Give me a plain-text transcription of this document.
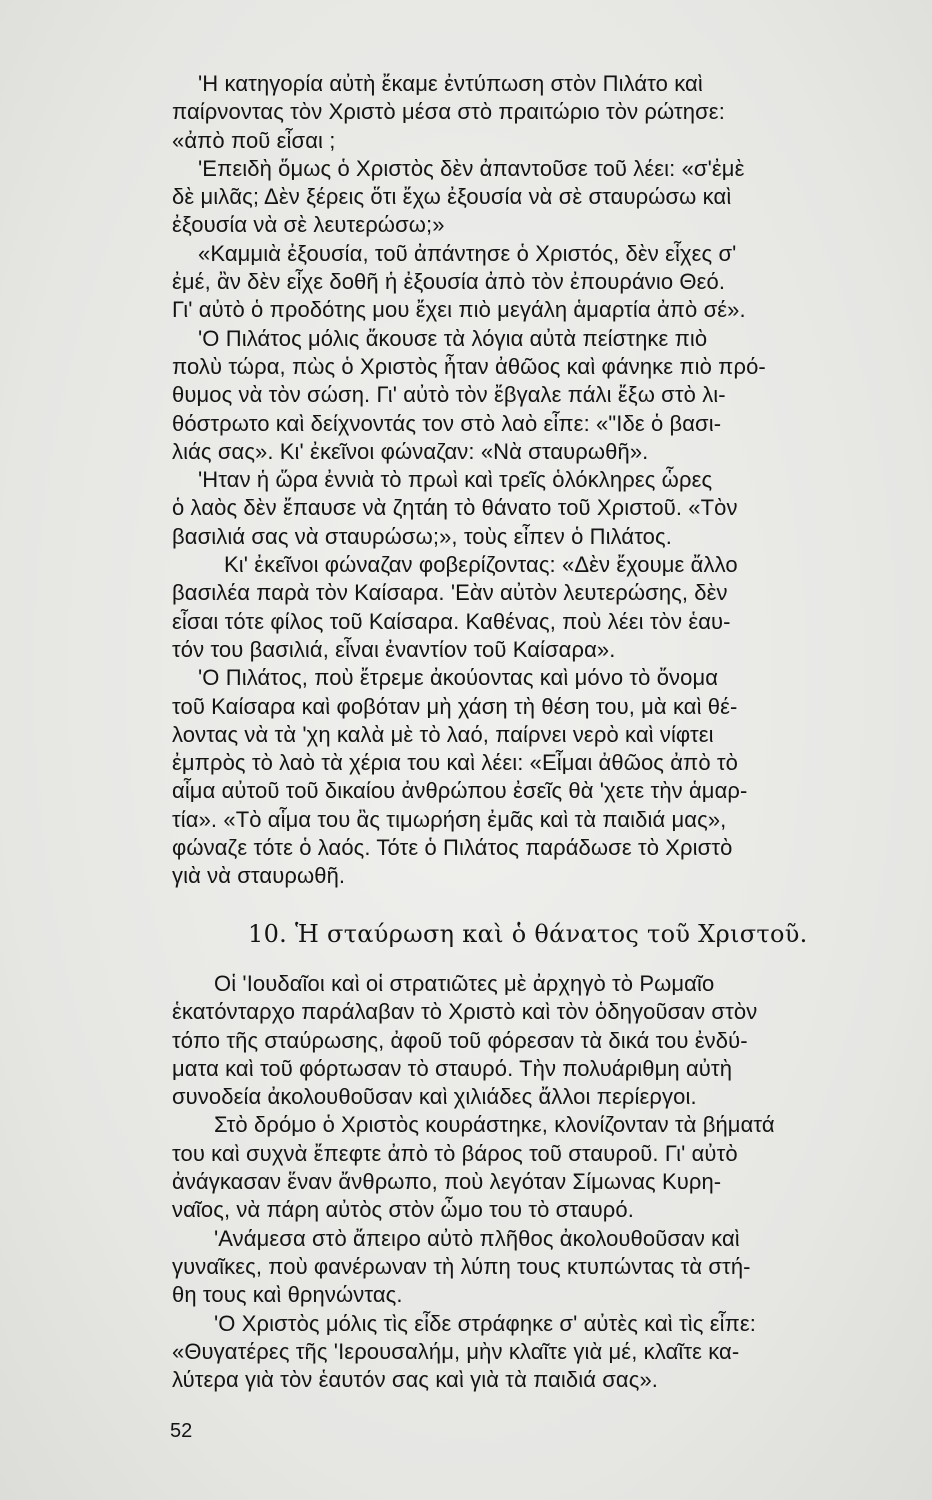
'Η κατηγορία αὐτὴ ἔκαμε ἐντύπωση στὸν Πιλάτο καὶ
παίρνοντας τὸν Χριστὸ μέσα στὸ πραιτώριο τὸν ρώτησε:
«ἀπὸ ποῦ εἶσαι ;
'Επειδὴ ὅμως ὁ Χριστὸς δὲν ἀπαντοῦσε τοῦ λέει: «σ'ἐμὲ
δὲ μιλᾶς; Δὲν ξέρεις ὅτι ἔχω ἐξουσία νὰ σὲ σταυρώσω καὶ
ἐξουσία νὰ σὲ λευτερώσω;»
«Καμμιὰ ἐξουσία, τοῦ ἀπάντησε ὁ Χριστός, δὲν εἶχες σ'
ἐμέ, ἂν δὲν εἶχε δοθῆ ἡ ἐξουσία ἀπὸ τὸν ἐπουράνιο Θεό.
Γι' αὐτὸ ὁ προδότης μου ἔχει πιὸ μεγάλη ἁμαρτία ἀπὸ σέ».
'Ο Πιλάτος μόλις ἄκουσε τὰ λόγια αὐτὰ πείστηκε πιὸ
πολὺ τώρα, πὼς ὁ Χριστὸς ἦταν ἀθῶος καὶ φάνηκε πιὸ πρό-
θυμος νὰ τὸν σώση. Γι' αὐτὸ τὸν ἔβγαλε πάλι ἔξω στὸ λι-
θόστρωτο καὶ δείχνοντάς τον στὸ λαὸ εἶπε: «"Ιδε ὁ βασι-
λιάς σας». Κι' ἐκεῖνοι φώναζαν: «Νὰ σταυρωθῆ».
'Ηταν ἡ ὥρα ἐννιὰ τὸ πρωὶ καὶ τρεῖς ὁλόκληρες ὧρες
ὁ λαὸς δὲν ἔπαυσε νὰ ζητάη τὸ θάνατο τοῦ Χριστοῦ. «Τὸν
βασιλιά σας νὰ σταυρώσω;», τοὺς εἶπεν ὁ Πιλάτος.
Κι' ἐκεῖνοι φώναζαν φοβερίζοντας: «Δὲν ἔχουμε ἄλλο
βασιλέα παρὰ τὸν Καίσαρα. 'Εὰν αὐτὸν λευτερώσης, δὲν
εἶσαι τότε φίλος τοῦ Καίσαρα. Καθένας, ποὺ λέει τὸν ἑαυ-
τόν του βασιλιά, εἶναι ἐναντίον τοῦ Καίσαρα».
'Ο Πιλάτος, ποὺ ἔτρεμε ἀκούοντας καὶ μόνο τὸ ὄνομα
τοῦ Καίσαρα καὶ φοβόταν μὴ χάση τὴ θέση του, μὰ καὶ θέ-
λοντας νὰ τὰ 'χη καλὰ μὲ τὸ λαό, παίρνει νερὸ καὶ νίφτει
ἐμπρὸς τὸ λαὸ τὰ χέρια του καὶ λέει: «Εἶμαι ἀθῶος ἀπὸ τὸ
αἷμα αὐτοῦ τοῦ δικαίου ἀνθρώπου ἐσεῖς θὰ 'χετε τὴν ἁμαρ-
τία». «Τὸ αἷμα του ἂς τιμωρήση ἐμᾶς καὶ τὰ παιδιά μας»,
φώναζε τότε ὁ λαός. Τότε ὁ Πιλάτος παράδωσε τὸ Χριστὸ
γιὰ νὰ σταυρωθῆ.
10. Ἡ σταύρωση καὶ ὁ θάνατος τοῦ Χριστοῦ.
Οἱ 'Ιουδαῖοι καὶ οἱ στρατιῶτες μὲ ἀρχηγὸ τὸ Ρωμαῖο
ἑκατόνταρχο παράλαβαν τὸ Χριστὸ καὶ τὸν ὁδηγοῦσαν στὸν
τόπο τῆς σταύρωσης, ἀφοῦ τοῦ φόρεσαν τὰ δικά του ἐνδύ-
ματα καὶ τοῦ φόρτωσαν τὸ σταυρό. Τὴν πολυάριθμη αὐτὴ
συνοδεία ἀκολουθοῦσαν καὶ χιλιάδες ἄλλοι περίεργοι.
Στὸ δρόμο ὁ Χριστὸς κουράστηκε, κλονίζονταν τὰ βήματά
του καὶ συχνὰ ἔπεφτε ἀπὸ τὸ βάρος τοῦ σταυροῦ. Γι' αὐτὸ
ἀνάγκασαν ἕναν ἄνθρωπο, ποὺ λεγόταν Σίμωνας Κυρη-
ναῖος, νὰ πάρη αὐτὸς στὸν ὦμο του τὸ σταυρό.
'Ανάμεσα στὸ ἄπειρο αὐτὸ πλῆθος ἀκολουθοῦσαν καὶ
γυναῖκες, ποὺ φανέρωναν τὴ λύπη τους κτυπώντας τὰ στή-
θη τους καὶ θρηνώντας.
'Ο Χριστὸς μόλις τὶς εἶδε στράφηκε σ' αὐτὲς καὶ τὶς εἶπε:
«Θυγατέρες τῆς 'Ιερουσαλήμ, μὴν κλαῖτε γιὰ μέ, κλαῖτε κα-
λύτερα γιὰ τὸν ἑαυτόν σας καὶ γιὰ τὰ παιδιά σας».
52
